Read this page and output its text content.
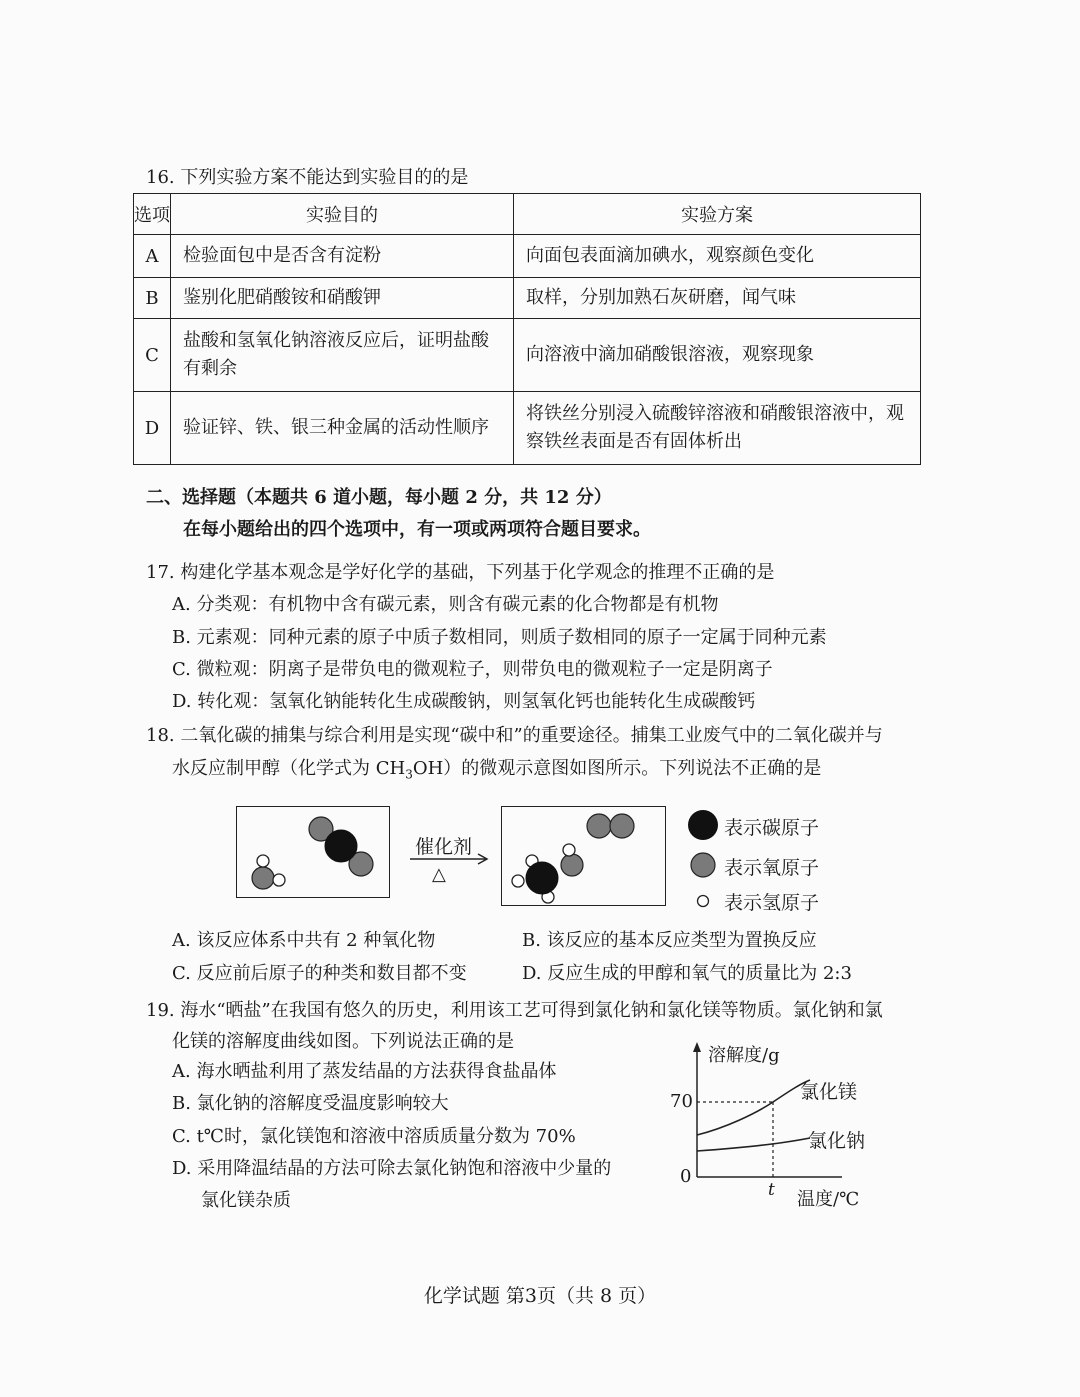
16. 下列实验方案不能达到实验目的的是
选项	实验目的	实验方案
A	检验面包中是否含有淀粉	向面包表面滴加碘水，观察颜色变化
B	鉴别化肥硝酸铵和硝酸钾	取样，分别加熟石灰研磨，闻气味
C	盐酸和氢氧化钠溶液反应后，证明盐酸有剩余	向溶液中滴加硝酸银溶液，观察现象
D	验证锌、铁、银三种金属的活动性顺序	将铁丝分别浸入硫酸锌溶液和硝酸银溶液中，观察铁丝表面是否有固体析出
二、选择题（本题共 6 道小题，每小题 2 分，共 12 分）
在每小题给出的四个选项中，有一项或两项符合题目要求。
17. 构建化学基本观念是学好化学的基础，下列基于化学观念的推理不正确的是
A. 分类观：有机物中含有碳元素，则含有碳元素的化合物都是有机物
B. 元素观：同种元素的原子中质子数相同，则质子数相同的原子一定属于同种元素
C. 微粒观：阴离子是带负电的微观粒子，则带负电的微观粒子一定是阴离子
D. 转化观：氢氧化钠能转化生成碳酸钠，则氢氧化钙也能转化生成碳酸钙
18. 二氧化碳的捕集与综合利用是实现“碳中和”的重要途径。捕集工业废气中的二氧化碳并与
水反应制甲醇（化学式为 $CH_3OH$）的微观示意图如图所示。下列说法不正确的是
催化剂
△
表示碳原子
表示氧原子
表示氢原子
A. 该反应体系中共有 2 种氧化物	B. 该反应的基本反应类型为置换反应
C. 反应前后原子的种类和数目都不变	D. 反应生成的甲醇和氧气的质量比为 2:3
19. 海水“晒盐”在我国有悠久的历史，利用该工艺可得到氯化钠和氯化镁等物质。氯化钠和氯
化镁的溶解度曲线如图。下列说法正确的是
A. 海水晒盐利用了蒸发结晶的方法获得食盐晶体
B. 氯化钠的溶解度受温度影响较大
C. t℃时，氯化镁饱和溶液中溶质质量分数为 70%
D. 采用降温结晶的方法可除去氯化钠饱和溶液中少量的
氯化镁杂质
溶解度/g
70
0
t 温度/℃
氯化镁
氯化钠
化学试题 第3页（共 8 页）
